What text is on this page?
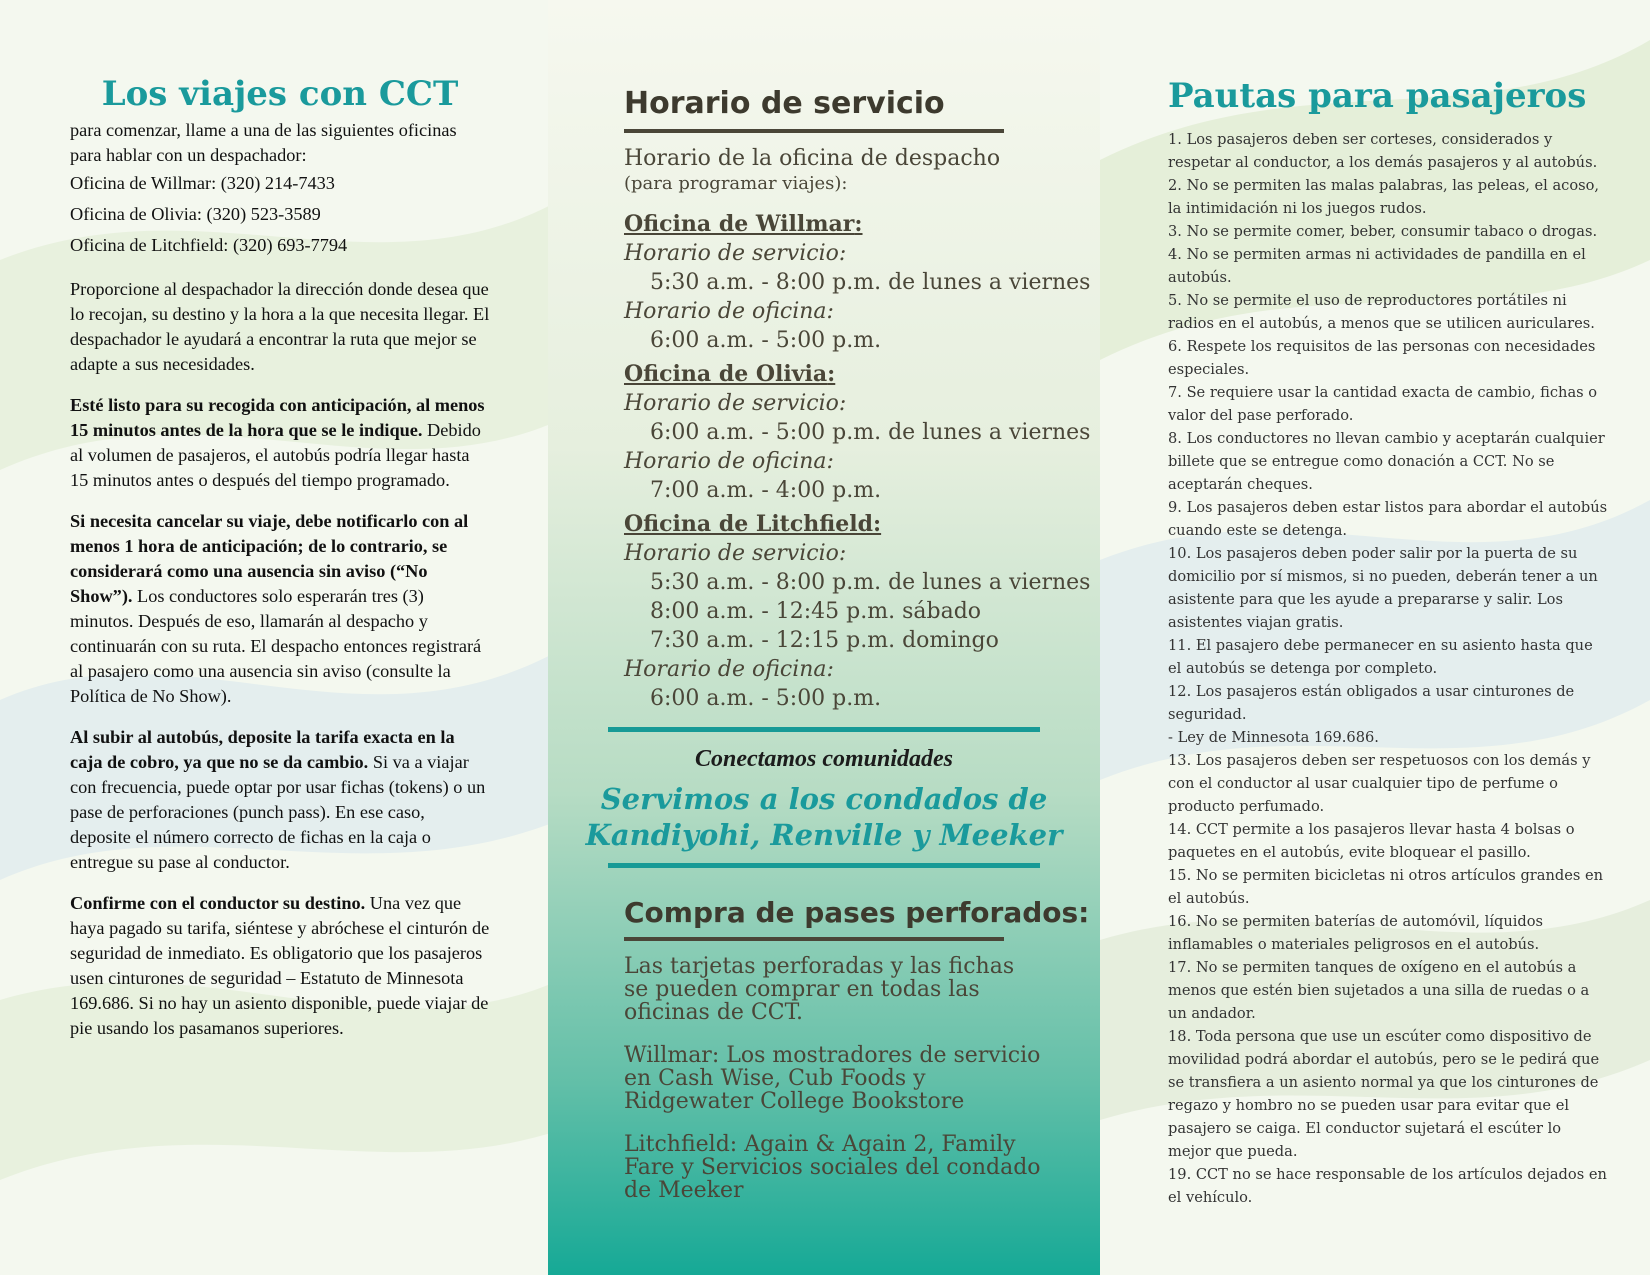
Los viajes con CCT

para comenzar, llame a una de las siguientes oficinas para hablar con un despachador:

Oficina de Willmar: (320) 214-7433

Oficina de Olivia: (320) 523-3589

Oficina de Litchfield: (320) 693-7794

Proporcione al despachador la dirección donde desea que lo recojan, su destino y la hora a la que necesita llegar. El despachador le ayudará a encontrar la ruta que mejor se adapte a sus necesidades.

Esté listo para su recogida con anticipación, al menos 15 minutos antes de la hora que se le indique. Debido al volumen de pasajeros, el autobús podría llegar hasta 15 minutos antes o después del tiempo programado.

Si necesita cancelar su viaje, debe notificarlo con al menos 1 hora de anticipación; de lo contrario, se considerará como una ausencia sin aviso (“No Show”). Los conductores solo esperarán tres (3) minutos. Después de eso, llamarán al despacho y continuarán con su ruta. El despacho entonces registrará al pasajero como una ausencia sin aviso (consulte la Política de No Show).

Al subir al autobús, deposite la tarifa exacta en la caja de cobro, ya que no se da cambio. Si va a viajar con frecuencia, puede optar por usar fichas (tokens) o un pase de perforaciones (punch pass). En ese caso, deposite el número correcto de fichas en la caja o entregue su pase al conductor.

Confirme con el conductor su destino. Una vez que haya pagado su tarifa, siéntese y abróchese el cinturón de seguridad de inmediato. Es obligatorio que los pasajeros usen cinturones de seguridad – Estatuto de Minnesota 169.686. Si no hay un asiento disponible, puede viajar de pie usando los pasamanos superiores.

Horario de servicio
Horario de la oficina de despacho
(para programar viajes):
Oficina de Willmar:
Horario de servicio:
5:30 a.m. - 8:00 p.m. de lunes a viernes
Horario de oficina:
6:00 a.m. - 5:00 p.m.
Oficina de Olivia:
Horario de servicio:
6:00 a.m. - 5:00 p.m. de lunes a viernes
Horario de oficina:
7:00 a.m. - 4:00 p.m.
Oficina de Litchfield:
Horario de servicio:
5:30 a.m. - 8:00 p.m. de lunes a viernes
8:00 a.m. - 12:45 p.m. sábado
7:30 a.m. - 12:15 p.m. domingo
Horario de oficina:
6:00 a.m. - 5:00 p.m.
Conectamos comunidades
Servimos a los condados de
Kandiyohi, Renville y Meeker
Compra de pases perforados:
Las tarjetas perforadas y las fichas se pueden comprar en todas las oficinas de CCT.
Willmar: Los mostradores de servicio en Cash Wise, Cub Foods y Ridgewater College Bookstore
Litchfield: Again & Again 2, Family Fare y Servicios sociales del condado de Meeker
Pautas para pasajeros
1. Los pasajeros deben ser corteses, considerados y respetar al conductor, a los demás pasajeros y al autobús.
2. No se permiten las malas palabras, las peleas, el acoso, la intimidación ni los juegos rudos.
3. No se permite comer, beber, consumir tabaco o drogas.
4. No se permiten armas ni actividades de pandilla en el autobús.
5. No se permite el uso de reproductores portátiles ni radios en el autobús, a menos que se utilicen auriculares.
6. Respete los requisitos de las personas con necesidades especiales.
7. Se requiere usar la cantidad exacta de cambio, fichas o valor del pase perforado.
8. Los conductores no llevan cambio y aceptarán cualquier billete que se entregue como donación a CCT. No se aceptarán cheques.
9. Los pasajeros deben estar listos para abordar el autobús cuando este se detenga.
10. Los pasajeros deben poder salir por la puerta de su domicilio por sí mismos, si no pueden, deberán tener a un asistente para que les ayude a prepararse y salir. Los asistentes viajan gratis.
11. El pasajero debe permanecer en su asiento hasta que el autobús se detenga por completo.
12. Los pasajeros están obligados a usar cinturones de seguridad.
- Ley de Minnesota 169.686.
13. Los pasajeros deben ser respetuosos con los demás y con el conductor al usar cualquier tipo de perfume o producto perfumado.
14. CCT permite a los pasajeros llevar hasta 4 bolsas o paquetes en el autobús, evite bloquear el pasillo.
15. No se permiten bicicletas ni otros artículos grandes en el autobús.
16. No se permiten baterías de automóvil, líquidos inflamables o materiales peligrosos en el autobús.
17. No se permiten tanques de oxígeno en el autobús a menos que estén bien sujetados a una silla de ruedas o a un andador.
18. Toda persona que use un escúter como dispositivo de movilidad podrá abordar el autobús, pero se le pedirá que se transfiera a un asiento normal ya que los cinturones de regazo y hombro no se pueden usar para evitar que el pasajero se caiga. El conductor sujetará el escúter lo mejor que pueda.
19. CCT no se hace responsable de los artículos dejados en el vehículo.
